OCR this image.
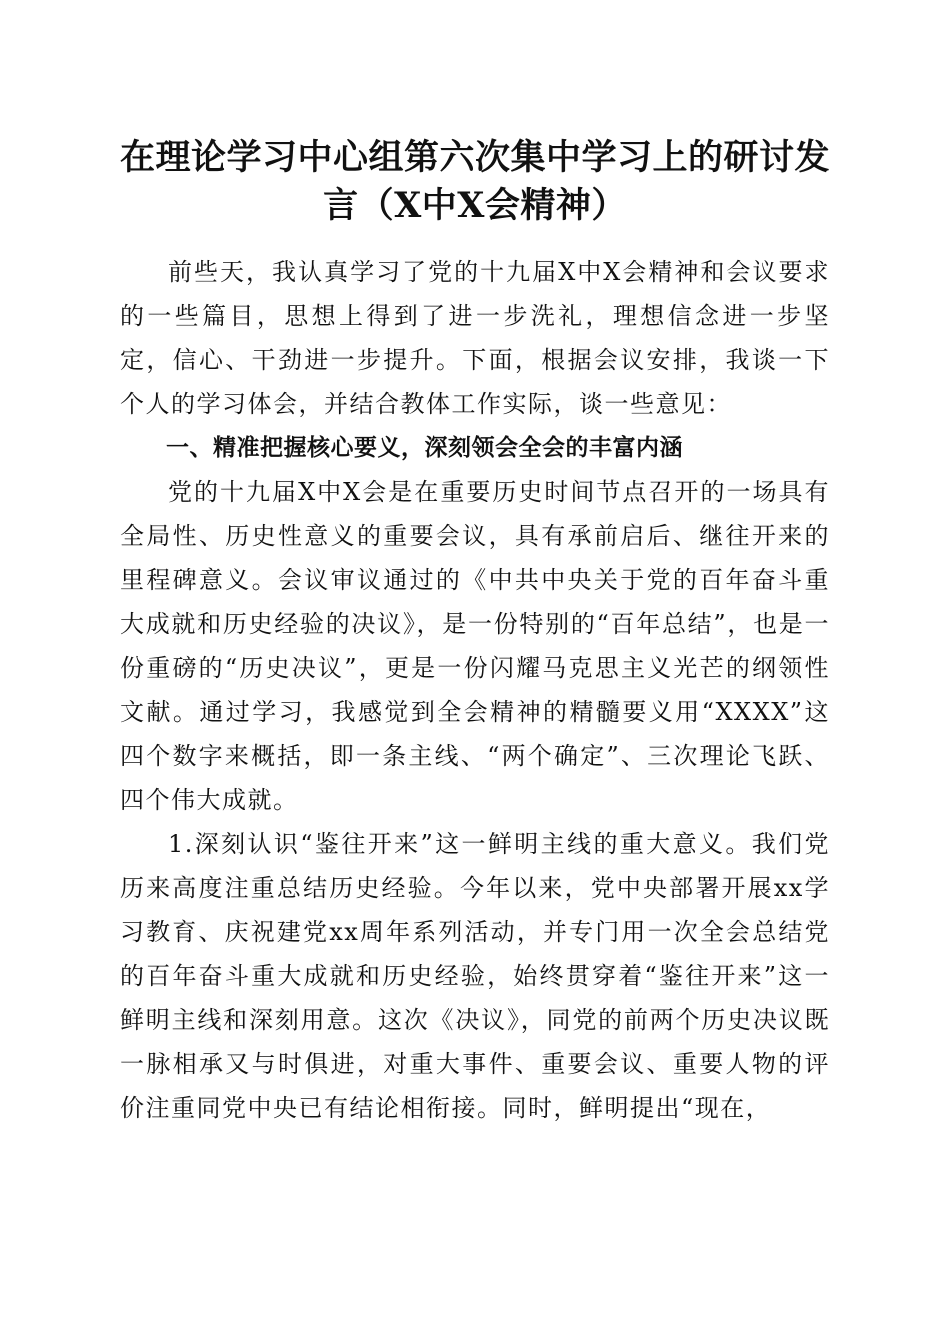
在理论学习中心组第六次集中学习上的研讨发
言（X中X会精神）

前些天，我认真学习了党的十九届X中X会精神和会议要求的一些篇目，思想上得到了进一步洗礼，理想信念进一步坚定，信心、干劲进一步提升。下面，根据会议安排，我谈一下个人的学习体会，并结合教体工作实际，谈一些意见：

一、精准把握核心要义，深刻领会全会的丰富内涵

党的十九届X中X会是在重要历史时间节点召开的一场具有全局性、历史性意义的重要会议，具有承前启后、继往开来的里程碑意义。会议审议通过的《中共中央关于党的百年奋斗重大成就和历史经验的决议》，是一份特别的“百年总结”，也是一份重磅的“历史决议”，更是一份闪耀马克思主义光芒的纲领性文献。通过学习，我感觉到全会精神的精髓要义用“XXXX”这四个数字来概括，即一条主线、“两个确定”、三次理论飞跃、四个伟大成就。

1.深刻认识“鉴往开来”这一鲜明主线的重大意义。我们党历来高度注重总结历史经验。今年以来，党中央部署开展xx学习教育、庆祝建党xx周年系列活动，并专门用一次全会总结党的百年奋斗重大成就和历史经验，始终贯穿着“鉴往开来”这一鲜明主线和深刻用意。这次《决议》，同党的前两个历史决议既一脉相承又与时俱进，对重大事件、重要会议、重要人物的评价注重同党中央已有结论相衔接。同时，鲜明提出“现在，
